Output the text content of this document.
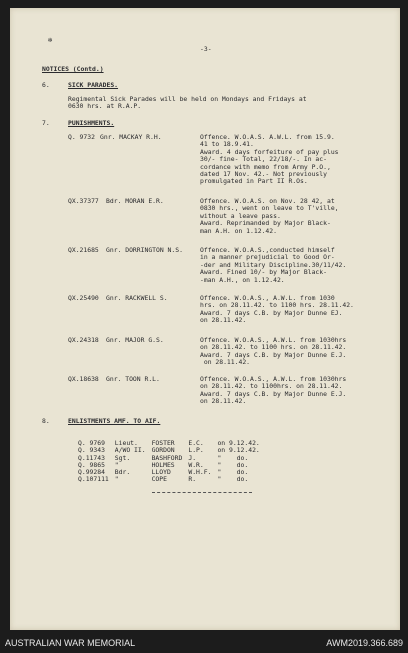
✻
-3-
NOTICES (Contd.)
6.	SICK PARADES.
Regimental Sick Parades will be held on Mondays and Fridays at
0630 hrs. at R.A.P.
7.	PUNISHMENTS.
Q. 9732 Gnr. MACKAY R.H.	Offence. W.O.A.S. A.W.L. from 15.9.
41 to 18.9.41.
Award. 4 days forfeiture of pay plus
30/- fine- Total, 22/18/-. In ac-
cordance with memo from Army P.O.,
dated 17 Nov. 42.- Not previously
promulgated in Part II R.Os.
QX.37377 Bdr. MORAN E.R.	Offence. W.O.A.S. on Nov. 28 42, at
0830 hrs., went on leave to T'ville,
without a leave pass.
Award. Reprimanded by Major Black-
man A.H. on 1.12.42.
QX.21685 Gnr. DORRINGTON N.S.	Offence. W.O.A.S.,conducted himself
in a manner prejudicial to Good Or-
-der and Military Discipline.30/11/42.
Award. Fined 10/- by Major Black-
-man A.H., on 1.12.42.
QX.25490 Gnr. RACKWELL S.	Offence. W.O.A.S., A.W.L. from 1030
hrs. on 28.11.42. to 1100 hrs. 28.11.42.
Award. 7 days C.B. by Major Dunne EJ.
on 28.11.42.
QX.24318 Gnr. MAJOR G.S.	Offence. W.O.A.S., A.W.L. from 1030hrs
on 28.11.42. to 1100 hrs. on 28.11.42.
Award. 7 days C.B. by Major Dunne E.J.
on 28.11.42.
QX.18638 Gnr. TOON R.L.	Offence. W.O.A.S., A.W.L. from 1030hrs
on 28.11.42. to 1100hrs. on 28.11.42.
Award. 7 days C.B. by Major Dunne E.J.
on 28.11.42.
8.	ENLISTMENTS AMF. TO AIF.
Q. 9769	Lieut.	FOSTER	E.C.	on 9.12.42.
Q. 9343	A/WO II.	GORDON	L.P.	on 9.12.42.
Q.11743	Sgt.	BASHFORD	J.	"    do.
Q. 9865	"	HOLMES	W.R.	"    do.
Q.99284	Bdr.	LLOYD	W.H.F.	"    do.
Q.107111	"	COPE	R.	"    do.
AUSTRALIAN WAR MEMORIAL	AWM2019.366.689
